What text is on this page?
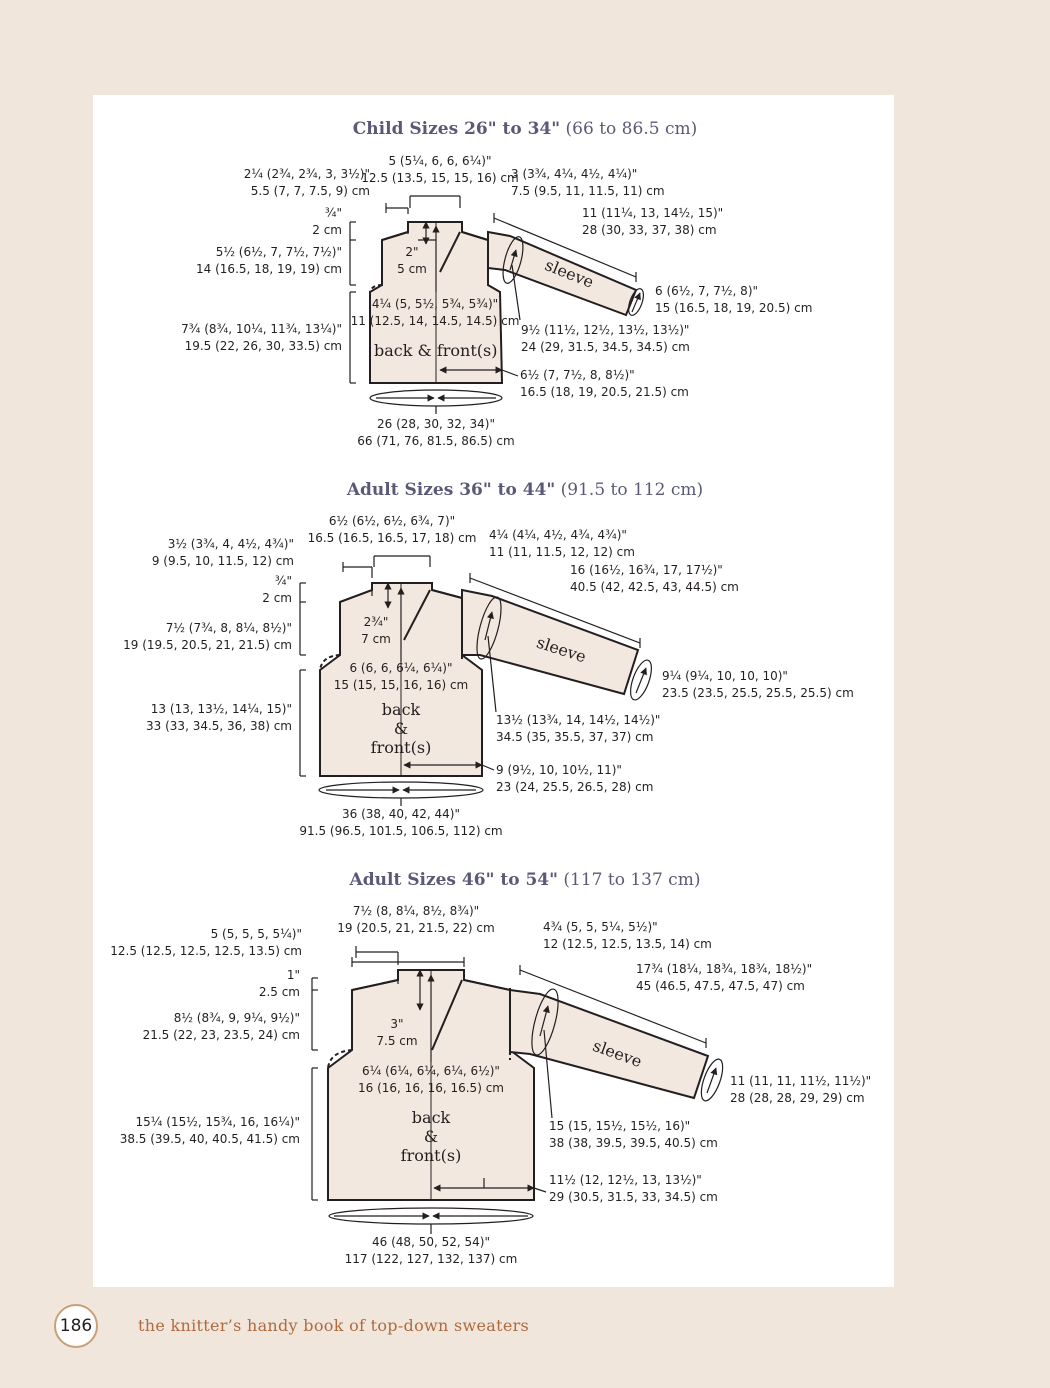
Child Sizes 26" to 34" (66 to 86.5 cm)
2¼ (2¾, 2¾, 3, 3½)"
5.5 (7, 7, 7.5, 9) cm
5 (5¼, 6, 6, 6¼)"
12.5 (13.5, 15, 15, 16) cm
3 (3¾, 4¼, 4½, 4¼)"
7.5 (9.5, 11, 11.5, 11) cm
11 (11¼, 13, 14½, 15)"
28 (30, 33, 37, 38) cm
¾"
2 cm
2"
5 cm
5½ (6½, 7, 7½, 7½)"
14 (16.5, 18, 19, 19) cm
6 (6½, 7, 7½, 8)"
15 (16.5, 18, 19, 20.5) cm
4¼ (5, 5½, 5¾, 5¾)"
11 (12.5, 14, 14.5, 14.5) cm
9½ (11½, 12½, 13½, 13½)"
24 (29, 31.5, 34.5, 34.5) cm
7¾ (8¾, 10¼, 11¾, 13¼)"
19.5 (22, 26, 30, 33.5) cm
6½ (7, 7½, 8, 8½)"
16.5 (18, 19, 20.5, 21.5) cm
26 (28, 30, 32, 34)"
66 (71, 76, 81.5, 86.5) cm
sleeve
back & front(s)
Adult Sizes 36" to 44" (91.5 to 112 cm)
3½ (3¾, 4, 4½, 4¾)"
9 (9.5, 10, 11.5, 12) cm
6½ (6½, 6½, 6¾, 7)"
16.5 (16.5, 16.5, 17, 18) cm	4¼ (4¼, 4½, 4¾, 4¾)"
11 (11, 11.5, 12, 12) cm
16 (16½, 16¾, 17, 17½)"
40.5 (42, 42.5, 43, 44.5) cm
¾"
2 cm
2¾"
7 cm
7½ (7¾, 8, 8¼, 8½)"
19 (19.5, 20.5, 21, 21.5) cm
9¼ (9¼, 10, 10, 10)"
23.5 (23.5, 25.5, 25.5, 25.5) cm
6 (6, 6, 6¼, 6¼)"
15 (15, 15, 16, 16) cm
13½ (13¾, 14, 14½, 14½)"
34.5 (35, 35.5, 37, 37) cm
13 (13, 13½, 14¼, 15)"
33 (33, 34.5, 36, 38) cm
9 (9½, 10, 10½, 11)"
23 (24, 25.5, 26.5, 28) cm
36 (38, 40, 42, 44)"
91.5 (96.5, 101.5, 106.5, 112) cm
sleeve
back
&
front(s)
Adult Sizes 46" to 54" (117 to 137 cm)
5 (5, 5, 5, 5¼)"
12.5 (12.5, 12.5, 12.5, 13.5) cm
7½ (8, 8¼, 8½, 8¾)"
19 (20.5, 21, 21.5, 22) cm	4¾ (5, 5, 5¼, 5½)"
12 (12.5, 12.5, 13.5, 14) cm
17¾ (18¼, 18¾, 18¾, 18½)"
45 (46.5, 47.5, 47.5, 47) cm
1"
2.5 cm
3"
7.5 cm
8½ (8¾, 9, 9¼, 9½)"
21.5 (22, 23, 23.5, 24) cm
11 (11, 11, 11½, 11½)"
28 (28, 28, 29, 29) cm
6¼ (6¼, 6¼, 6¼, 6½)"
16 (16, 16, 16, 16.5) cm
15 (15, 15½, 15½, 16)"
38 (38, 39.5, 39.5, 40.5) cm
15¼ (15½, 15¾, 16, 16¼)"
38.5 (39.5, 40, 40.5, 41.5) cm
11½ (12, 12½, 13, 13½)"
29 (30.5, 31.5, 33, 34.5) cm
46 (48, 50, 52, 54)"
117 (122, 127, 132, 137) cm
sleeve
back
&
front(s)
186	the knitter’s handy book of top-down sweaters
